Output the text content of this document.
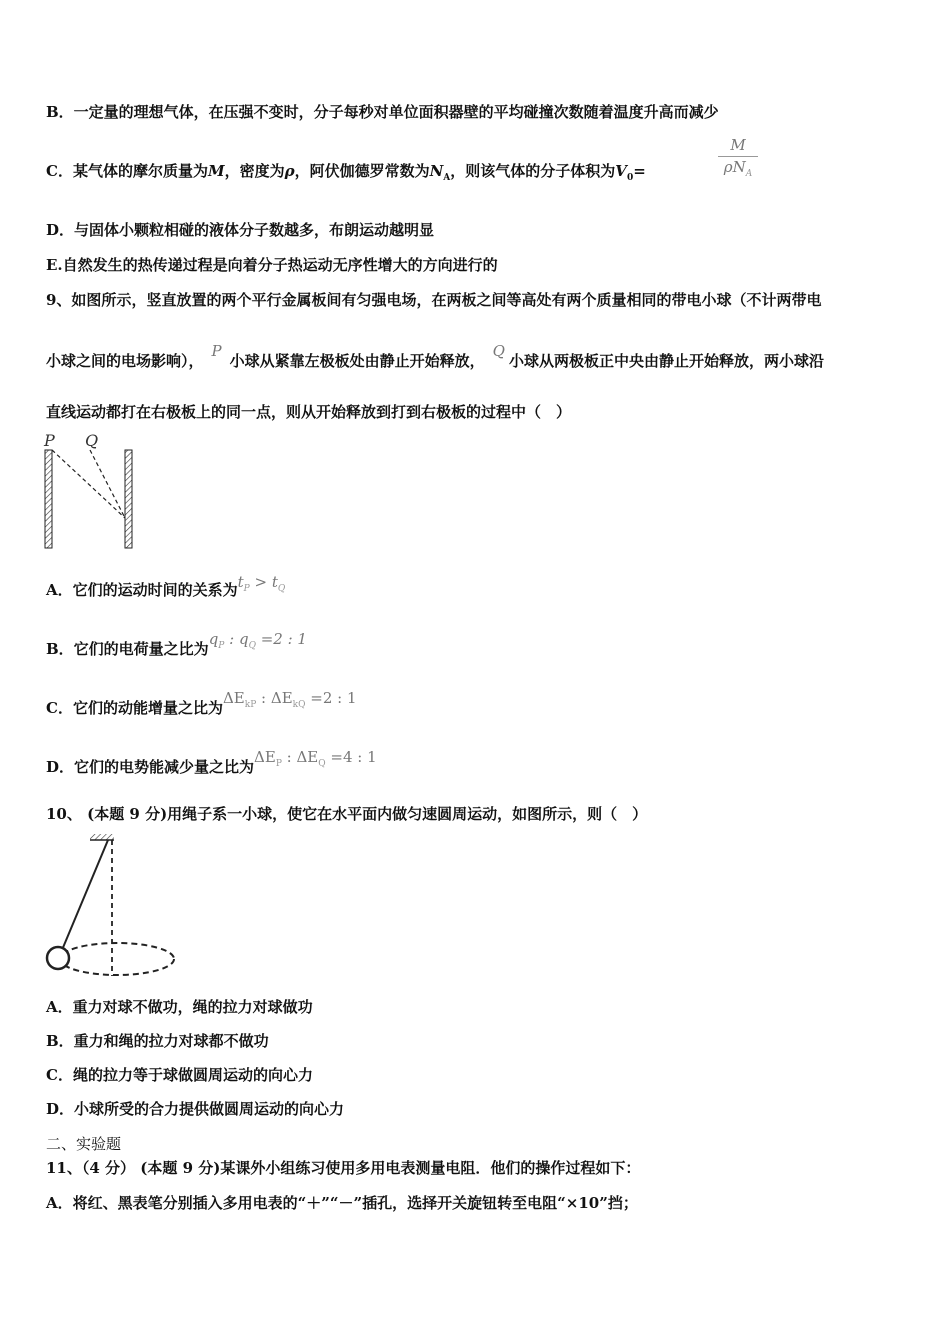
B．一定量的理想气体，在压强不变时，分子每秒对单位面积器壁的平均碰撞次数随着温度升高而减少
C．某气体的摩尔质量为M，密度为ρ，阿伏伽德罗常数为$N_A$，则该气体的分子体积为$V_0=$
M
$\rho N_A$
D．与固体小颗粒相碰的液体分子数越多，布朗运动越明显
E.自然发生的热传递过程是向着分子热运动无序性增大的方向进行的
9、如图所示，竖直放置的两个平行金属板间有匀强电场，在两板之间等高处有两个质量相同的带电小球（不计两带电
小球之间的电场影响），P小球从紧靠左极板处由静止开始释放，Q小球从两极板正中央由静止开始释放，两小球沿
直线运动都打在右极板上的同一点，则从开始释放到打到右极板的过程中（　）
P Q
A．它们的运动时间的关系为$t_P > t_Q$
B．它们的电荷量之比为$q_P$ : $q_Q =2$ : 1
C．它们的动能增量之比为$\Delta E_{kP}$ : $\Delta E_{kQ} =2$ : 1
D．它们的电势能减少量之比为$\Delta E_P$ : $\Delta E_Q =4$ : 1
10、 (本题 9 分)用绳子系一小球，使它在水平面内做匀速圆周运动，如图所示，则（　）
A．重力对球不做功，绳的拉力对球做功
B．重力和绳的拉力对球都不做功
C．绳的拉力等于球做圆周运动的向心力
D．小球所受的合力提供做圆周运动的向心力
二、实验题
11、（4 分） (本题 9 分)某课外小组练习使用多用电表测量电阻．他们的操作过程如下：
A．将红、黑表笔分别插入多用电表的“＋”“－”插孔，选择开关旋钮转至电阻“×10”挡；
